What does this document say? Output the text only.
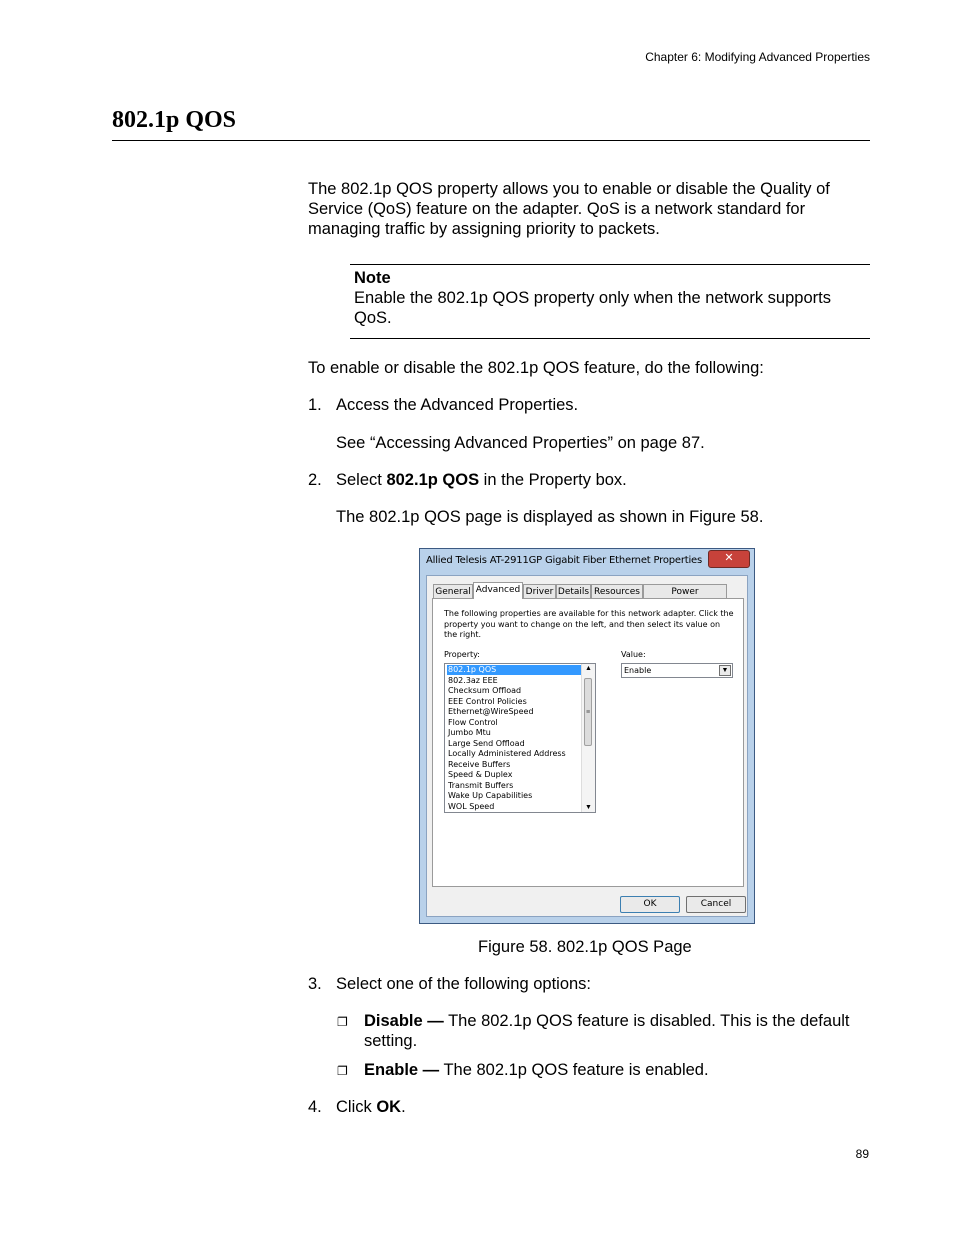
Chapter 6: Modifying Advanced Properties
802.1p QOS
The 802.1p QOS property allows you to enable or disable the Quality of Service (QoS) feature on the adapter. QoS is a network standard for managing traffic by assigning priority to packets.
Note
Enable the 802.1p QOS property only when the network supports QoS.
To enable or disable the 802.1p QOS feature, do the following:
1. Access the Advanced Properties.
See “Accessing Advanced Properties” on page 87.
2. Select 802.1p QOS in the Property box.
The 802.1p QOS page is displayed as shown in Figure 58.
Allied Telesis AT-2911GP Gigabit Fiber Ethernet Properties	✕
General Advanced Driver Details Resources	Power
The following properties are available for this network adapter. Click the property you want to change on the left, and then select its value on the right.
Property:	Value:
802.1p QOS
802.3az EEE
Checksum Offload
EEE Control Policies
Ethernet@WireSpeed
Flow Control
Jumbo Mtu
Large Send Offload
Locally Administered Address
Receive Buffers
Speed & Duplex
Transmit Buffers
Wake Up Capabilities
WOL Speed
▲
≡
▼
Enable	▼
OK	Cancel
Figure 58. 802.1p QOS Page
3. Select one of the following options:
❐ Disable — The 802.1p QOS feature is disabled. This is the default setting.
❐ Enable — The 802.1p QOS feature is enabled.
4. Click OK.
89
